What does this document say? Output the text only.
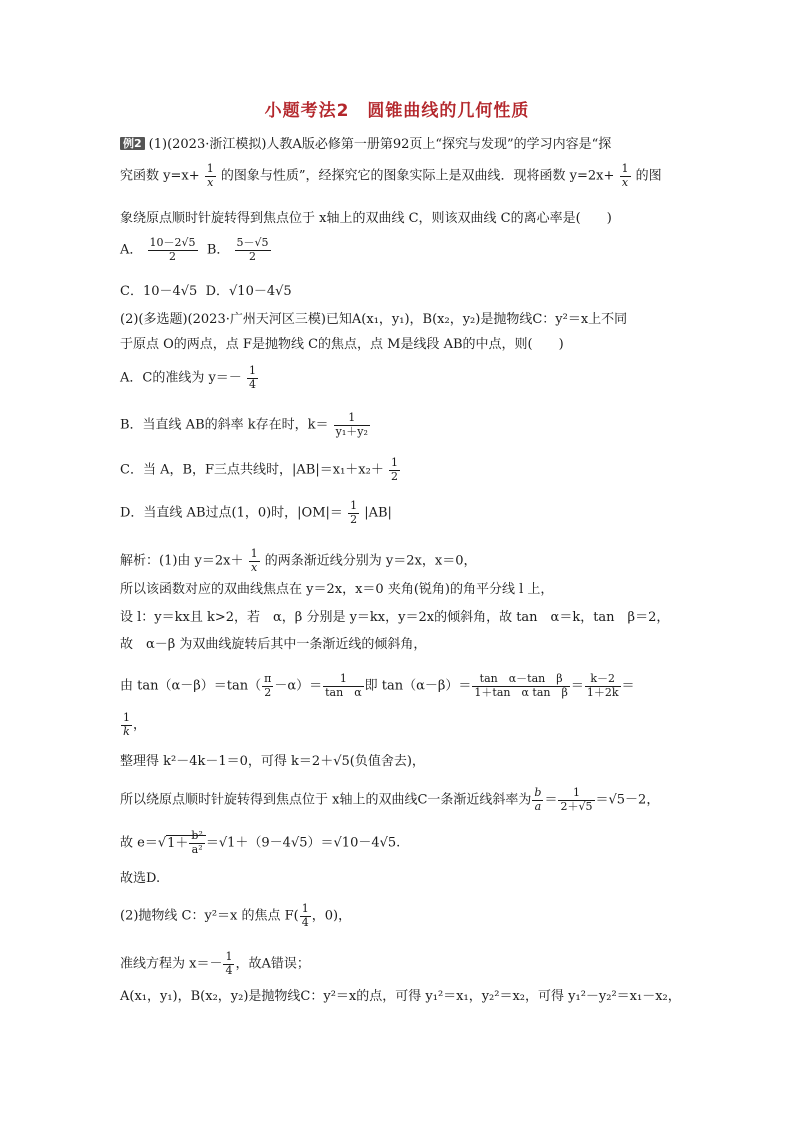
小题考法2　圆锥曲线的几何性质
例2 (1)(2023·浙江模拟)人教A版必修第一册第92页上“探究与发现”的学习内容是“探
究函数 $y=x+ \frac{1}{x}$ 的图象与性质”，经探究它的图象实际上是双曲线．现将函数 $y=2x+ \frac{1}{x}$ 的图
象绕原点顺时针旋转得到焦点位于 x轴上的双曲线 C，则该双曲线 C的离心率是(　　)
A． $\frac{10-2√5}{2}$ B． $\frac{5-√5}{2}$
C．10－4√5 D．√10－4√5
(2)(多选题)(2023·广州天河区三模)已知A(x₁，y₁)，B(x₂，y₂)是抛物线C：y²＝x上不同
于原点 O的两点，点 F是抛物线 C的焦点，点 M是线段 AB的中点，则(　　)
A．C的准线为 $y=- \frac{1}{4}$
B．当直线 AB的斜率 k存在时，$k= \frac{1}{\text{y₁＋y₂}}$
C．当 A，B，F三点共线时，$|AB|=x_1+x_2+ \frac{1}{2}$
D．当直线 AB过点(1，0)时，$|OM|= \frac{1}{2} |AB|$
解析：(1)由 $y=2x+ \frac{1}{x}$ 的两条渐近线分别为 y＝2x，x＝0，
所以该函数对应的双曲线焦点在 y＝2x，x＝0 夹角(锐角)的角平分线 l 上，
设 l：y＝kx且 k>2，若　α，β 分别是 y＝kx，y＝2x的倾斜角，故 tan　α＝k，tan　β＝2，
故　α－β 为双曲线旋转后其中一条渐近线的倾斜角，
由 $\tan(\alpha-\beta)=\tan( \frac{\pi}{2} -\alpha)= \frac{1}{\text{tan　α}}$ 即 $\tan(\alpha-\beta)= \frac{\text{tan　α－tan　β}}{\text{1＋tan　α tan　β}} = \frac{k-2}{1+2k}$ ＝
$\frac{1}{k}$ ，
整理得 k²－4k－1＝0，可得 k＝2＋√5(负值舍去)，
所以绕原点顺时针旋转得到焦点位于 x轴上的双曲线C一条渐近线斜率为 $\frac{b}{a} = \frac{1}{2+√5} =√5-2$，
故 $e=√1+ \frac{\text{b²}}{\text{a²}} =√1+(9-4√5)=√10-4√5$.
故选D.
(2)抛物线 C：y²＝x 的焦点 $F( \frac{1}{4}$ ，0)，
准线方程为 $x=- \frac{1}{4}$ ，故A错误；
A(x₁，y₁)，B(x₂，y₂)是抛物线C：y²＝x的点，可得 y₁²＝x₁，y₂²＝x₂，可得 y₁²－y₂²＝x₁－x₂，
